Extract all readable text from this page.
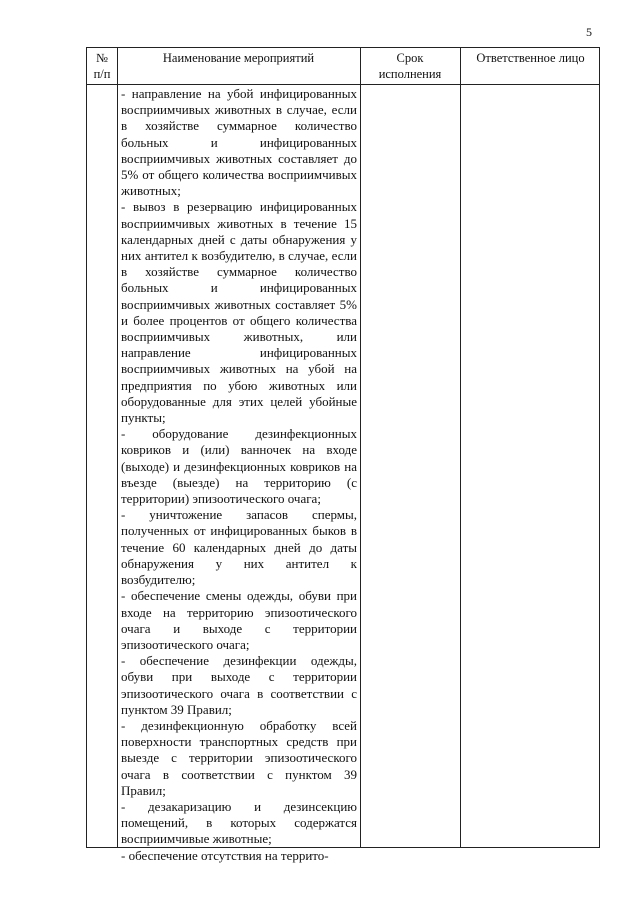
5
№
п/п
Наименование мероприятий	Срок
исполнения
Ответственное лицо

- направление на убой инфицированных восприимчивых животных в случае, если в хозяйстве суммарное количество больных и инфицированных восприимчивых животных составляет до 5% от общего количества восприимчивых животных;

- вывоз в резервацию инфицированных восприимчивых животных в течение 15 календарных дней с даты обнаружения у них антител к возбудителю, в случае, если в хозяйстве суммарное количество больных и инфицированных восприимчивых животных составляет 5% и более процентов от общего количества восприимчивых животных, или направление инфицированных восприимчивых животных на убой на предприятия по убою животных или оборудованные для этих целей убойные пункты;

- оборудование дезинфекционных ковриков и (или) ванночек на входе (выходе) и дезинфекционных ковриков на въезде (выезде) на территорию (с территории) эпизоотического очага;

- уничтожение запасов спермы, полученных от инфицированных быков в течение 60 календарных дней до даты обнаружения у них антител к возбудителю;

- обеспечение смены одежды, обуви при входе на территорию эпизоотического очага и выходе с территории эпизоотического очага;

- обеспечение дезинфекции одежды, обуви при выходе с территории эпизоотического очага в соответствии с пунктом 39 Правил;

- дезинфекционную обработку всей поверхности транспортных средств при выезде с территории эпизоотического очага в соответствии с пунктом 39 Правил;

- дезакаризацию и дезинсекцию помещений, в которых содержатся восприимчивые животные;

- обеспечение отсутствия на террито-
